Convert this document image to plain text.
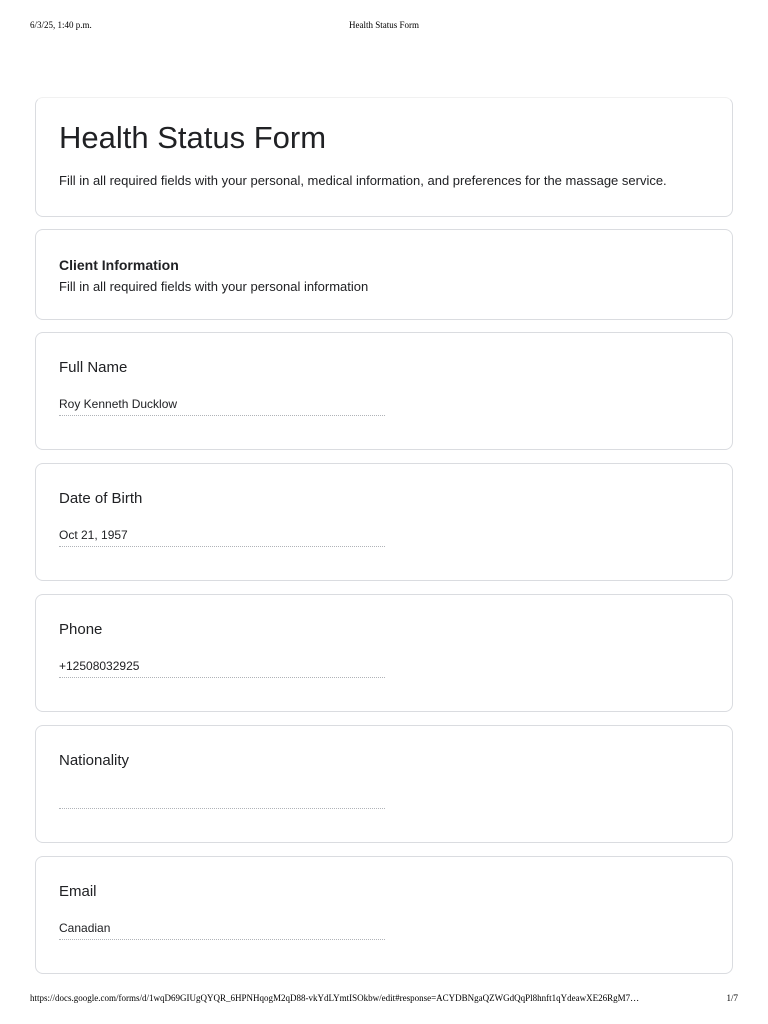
6/3/25, 1:40 p.m.	Health Status Form
Health Status Form
Fill in all required fields with your personal, medical information, and preferences for the massage service.
Client Information
Fill in all required fields with your personal information
Full Name
Roy Kenneth Ducklow
Date of Birth
Oct 21, 1957
Phone
+12508032925
Nationality
Email
Canadian
https://docs.google.com/forms/d/1wqD69GIUgQYQR_6HPNHqogM2qD88-vkYdLYmtISOkbw/edit#response=ACYDBNgaQZWGdQqPl8hnft1qYdeawXE26RgM7…	1/7
